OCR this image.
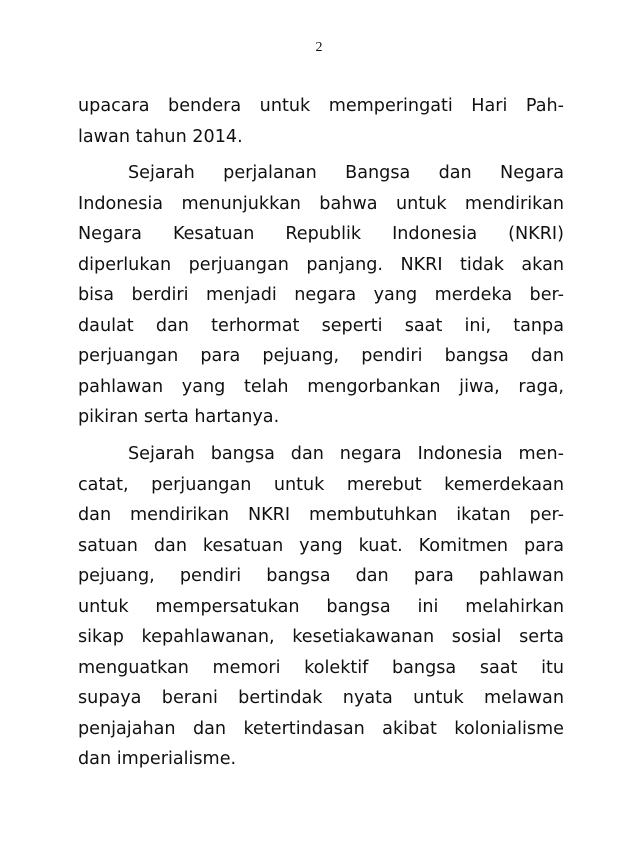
2
upacara bendera untuk memperingati Hari Pah-
lawan tahun 2014.
Sejarah perjalanan Bangsa dan Negara
Indonesia menunjukkan bahwa untuk mendirikan
Negara Kesatuan Republik Indonesia (NKRI)
diperlukan perjuangan panjang. NKRI tidak akan
bisa berdiri menjadi negara yang merdeka ber-
daulat dan terhormat seperti saat ini, tanpa
perjuangan para pejuang, pendiri bangsa dan
pahlawan yang telah mengorbankan jiwa, raga,
pikiran serta hartanya.
Sejarah bangsa dan negara Indonesia men-
catat, perjuangan untuk merebut kemerdekaan
dan mendirikan NKRI membutuhkan ikatan per-
satuan dan kesatuan yang kuat. Komitmen para
pejuang, pendiri bangsa dan para pahlawan
untuk mempersatukan bangsa ini melahirkan
sikap kepahlawanan, kesetiakawanan sosial serta
menguatkan memori kolektif bangsa saat itu
supaya berani bertindak nyata untuk melawan
penjajahan dan ketertindasan akibat kolonialisme
dan imperialisme.
